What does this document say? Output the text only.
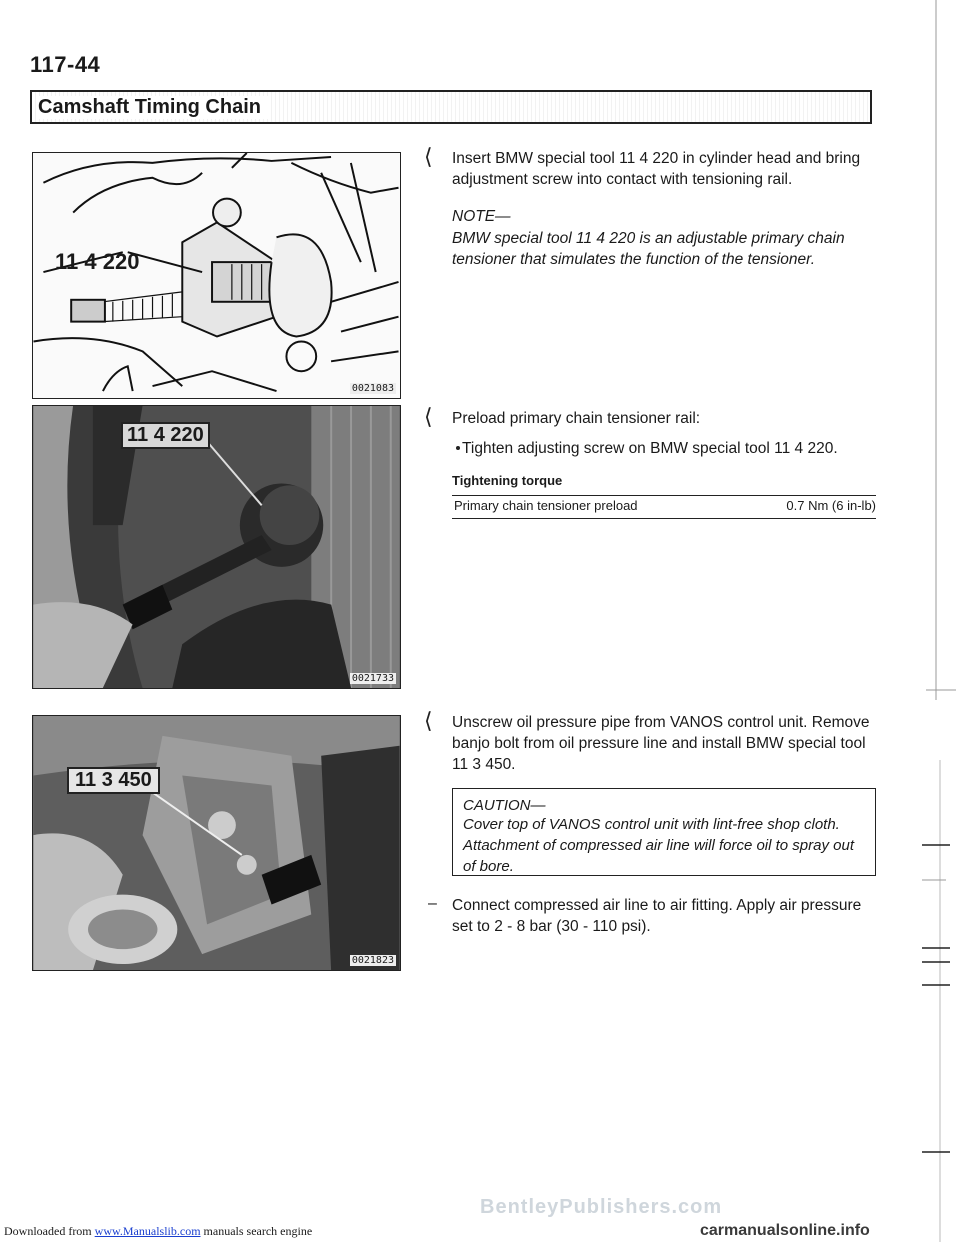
117-44
Camshaft Timing Chain
11 4 220
0021083
11 4 220
0021733
11 3 450
0021823
⟨ Insert BMW special tool 11 4 220 in cylinder head and bring adjustment screw into contact with tensioning rail.
NOTE—
BMW special tool 11 4 220 is an adjustable primary chain tensioner that simulates the function of the tensioner.
⟨ Preload primary chain tensioner rail:
Tighten adjusting screw on BMW special tool 11 4 220.
Tightening torque
Primary chain tensioner preload	0.7 Nm (6 in-lb)
⟨ Unscrew oil pressure pipe from VANOS control unit. Remove banjo bolt from oil pressure line and install BMW special tool 11 3 450.
CAUTION—
Cover top of VANOS control unit with lint-free shop cloth. Attachment of compressed air line will force oil to spray out of bore.
– Connect compressed air line to air fitting. Apply air pressure set to 2 - 8 bar (30 - 110 psi).
Downloaded from www.Manualslib.com manuals search engine
BentleyPublishers.com
carmanualsonline.info
